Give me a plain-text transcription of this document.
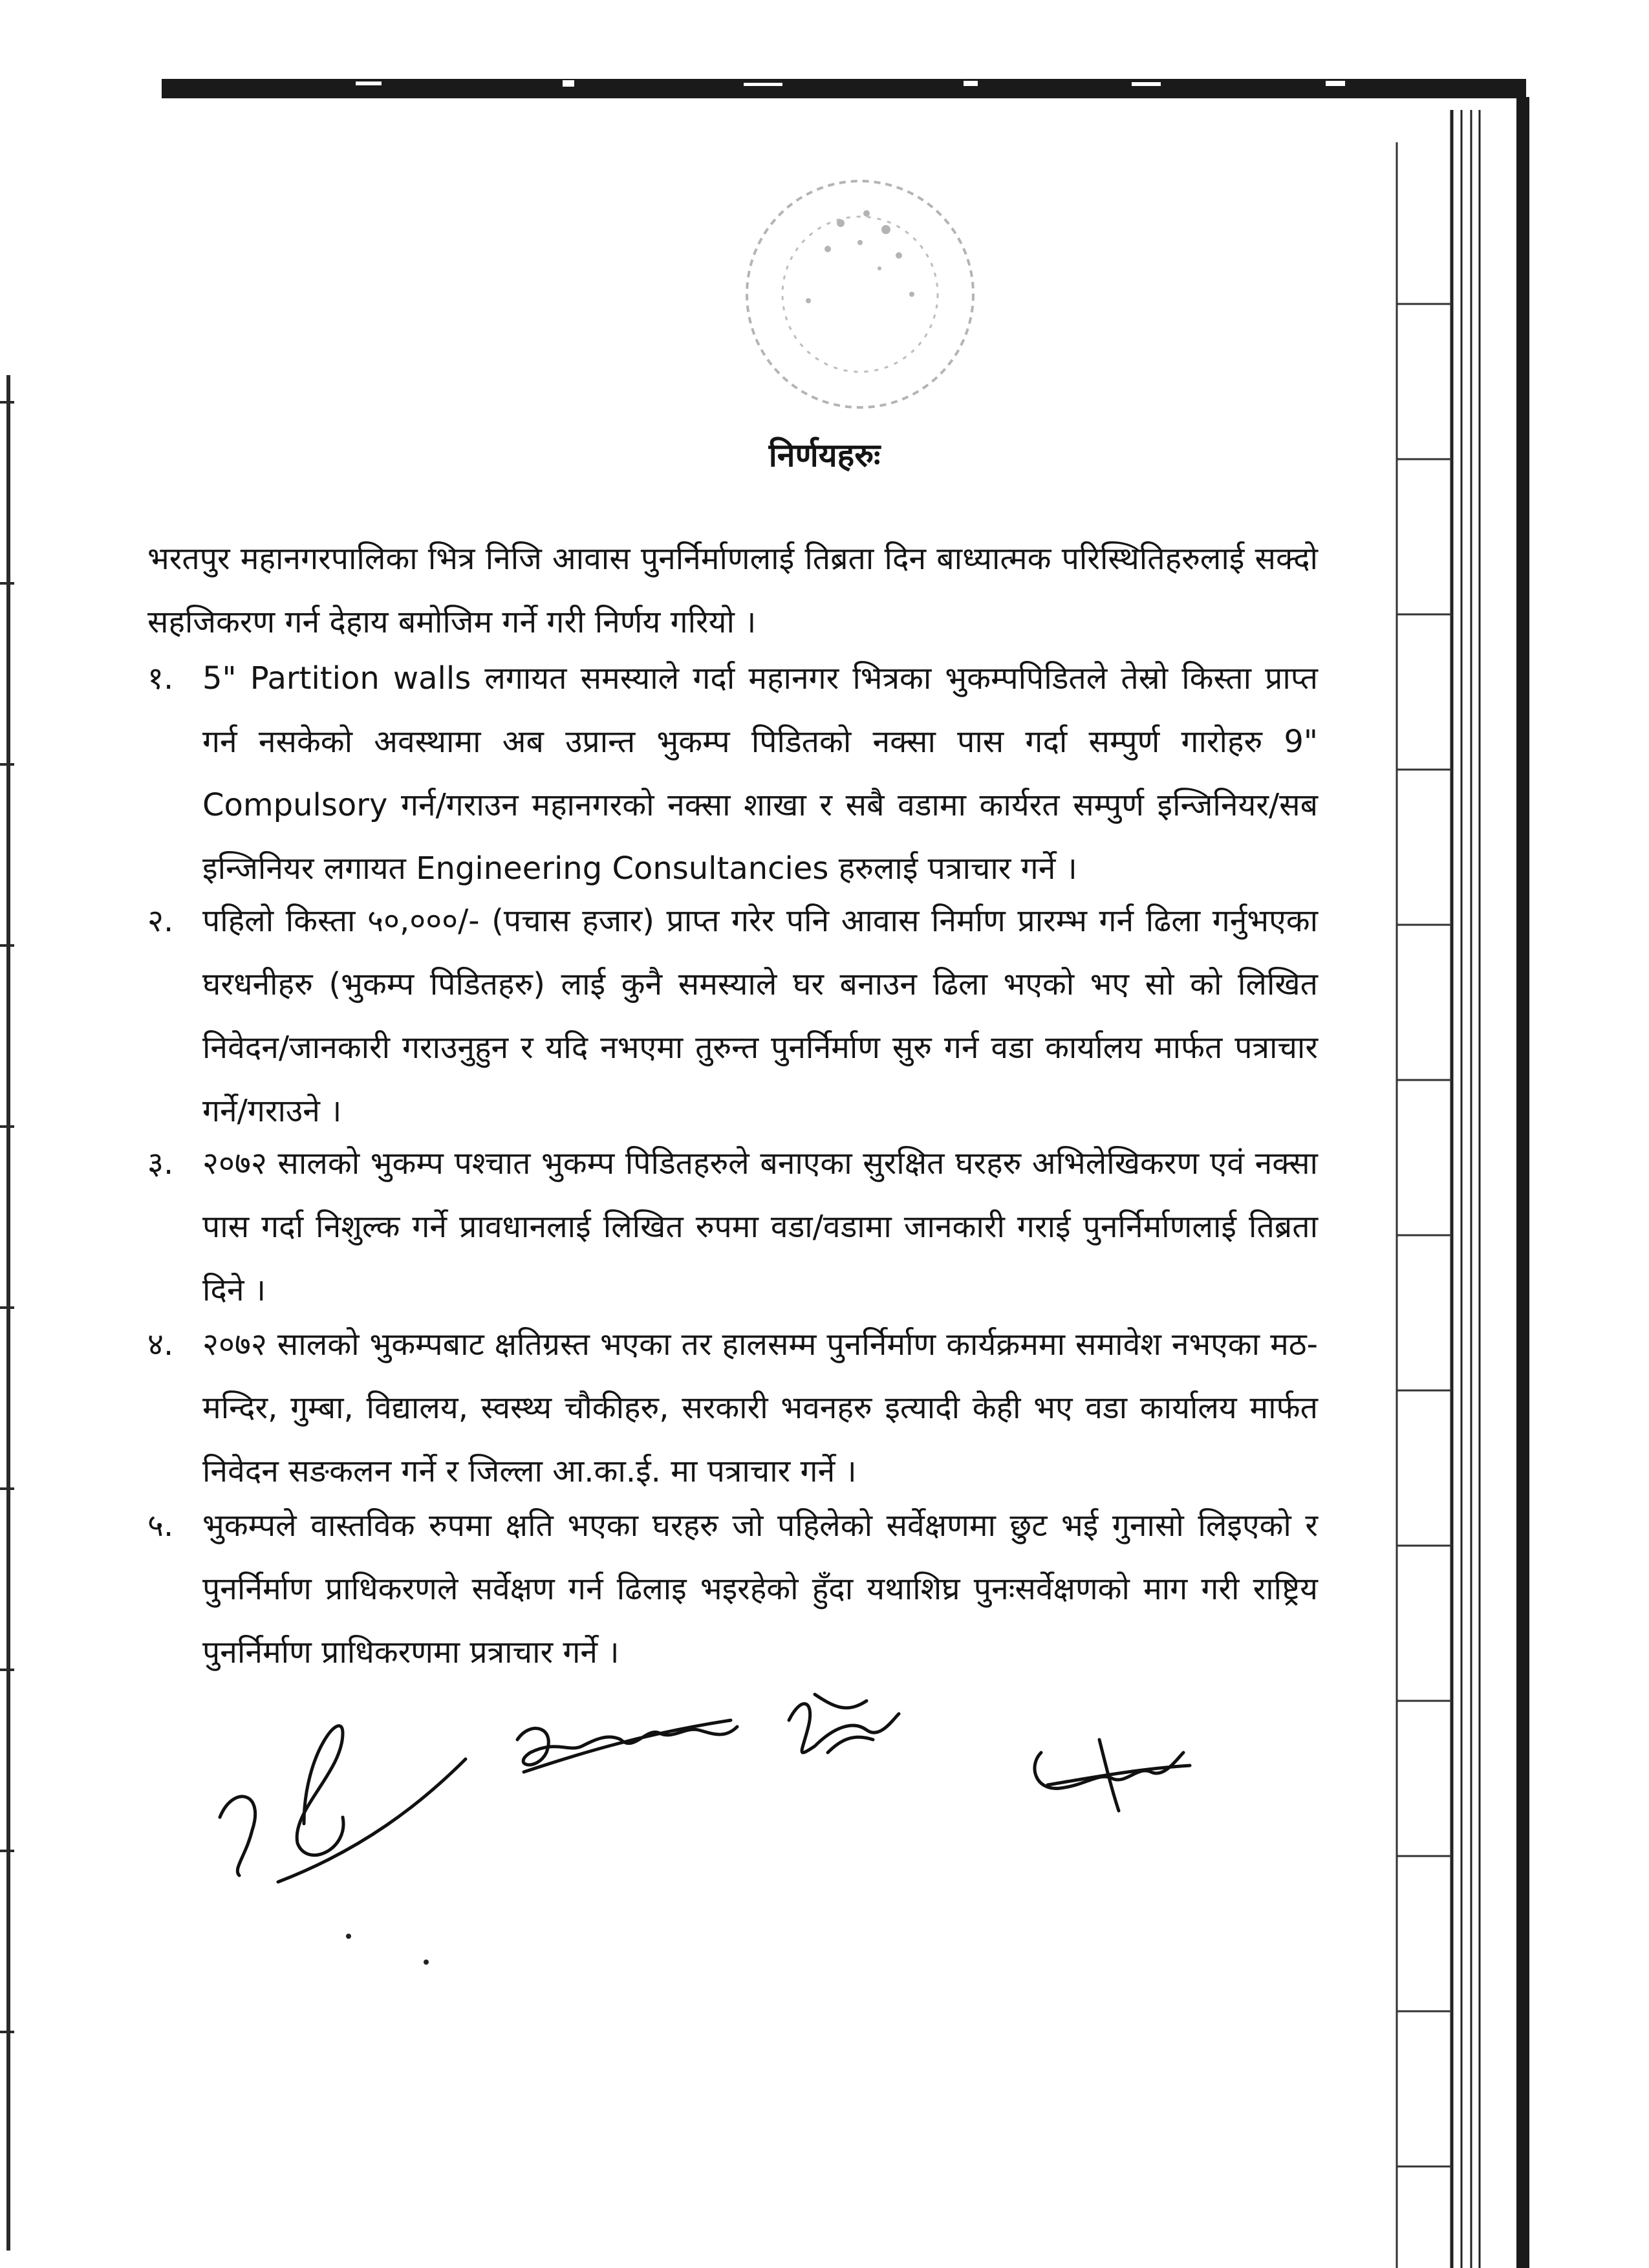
निर्णयहरुः
भरतपुर महानगरपालिका भित्र निजि आवास पुनर्निर्माणलाई तिब्रता दिन बाध्यात्मक परिस्थितिहरुलाई सक्दो सहजिकरण गर्न देहाय बमोजिम गर्ने गरी निर्णय गरियो ।
१. 5" Partition walls लगायत समस्याले गर्दा महानगर भित्रका भुकम्पपिडितले तेस्रो किस्ता प्राप्त गर्न नसकेको अवस्थामा अब उप्रान्त भुकम्प पिडितको नक्सा पास गर्दा सम्पुर्ण गारोहरु 9" Compulsory गर्न/गराउन महानगरको नक्सा शाखा र सबै वडामा कार्यरत सम्पुर्ण इन्जिनियर/सब इन्जिनियर लगायत Engineering Consultancies हरुलाई पत्राचार गर्ने ।
२. पहिलो किस्ता ५०,०००/- (पचास हजार) प्राप्त गरेर पनि आवास निर्माण प्रारम्भ गर्न ढिला गर्नुभएका घरधनीहरु (भुकम्प पिडितहरु) लाई कुनै समस्याले घर बनाउन ढिला भएको भए सो को लिखित निवेदन/जानकारी गराउनुहुन र यदि नभएमा तुरुन्त पुनर्निर्माण सुरु गर्न वडा कार्यालय मार्फत पत्राचार गर्ने/गराउने ।
३. २०७२ सालको भुकम्प पश्चात भुकम्प पिडितहरुले बनाएका सुरक्षित घरहरु अभिलेखिकरण एवं नक्सा पास गर्दा निशुल्क गर्ने प्रावधानलाई लिखित रुपमा वडा/वडामा जानकारी गराई पुनर्निर्माणलाई तिब्रता दिने ।
४. २०७२ सालको भुकम्पबाट क्षतिग्रस्त भएका तर हालसम्म पुनर्निर्माण कार्यक्रममा समावेश नभएका मठ-मन्दिर, गुम्बा, विद्यालय, स्वस्थ्य चौकीहरु, सरकारी भवनहरु इत्यादी केही भए वडा कार्यालय मार्फत निवेदन सङकलन गर्ने र जिल्ला आ.का.ई. मा पत्राचार गर्ने ।
५. भुकम्पले वास्तविक रुपमा क्षति भएका घरहरु जो पहिलेको सर्वेक्षणमा छुट भई गुनासो लिइएको र पुनर्निर्माण प्राधिकरणले सर्वेक्षण गर्न ढिलाइ भइरहेको हुँदा यथाशिघ्र पुनःसर्वेक्षणको माग गरी राष्ट्रिय पुनर्निर्माण प्राधिकरणमा प्रत्राचार गर्ने ।
